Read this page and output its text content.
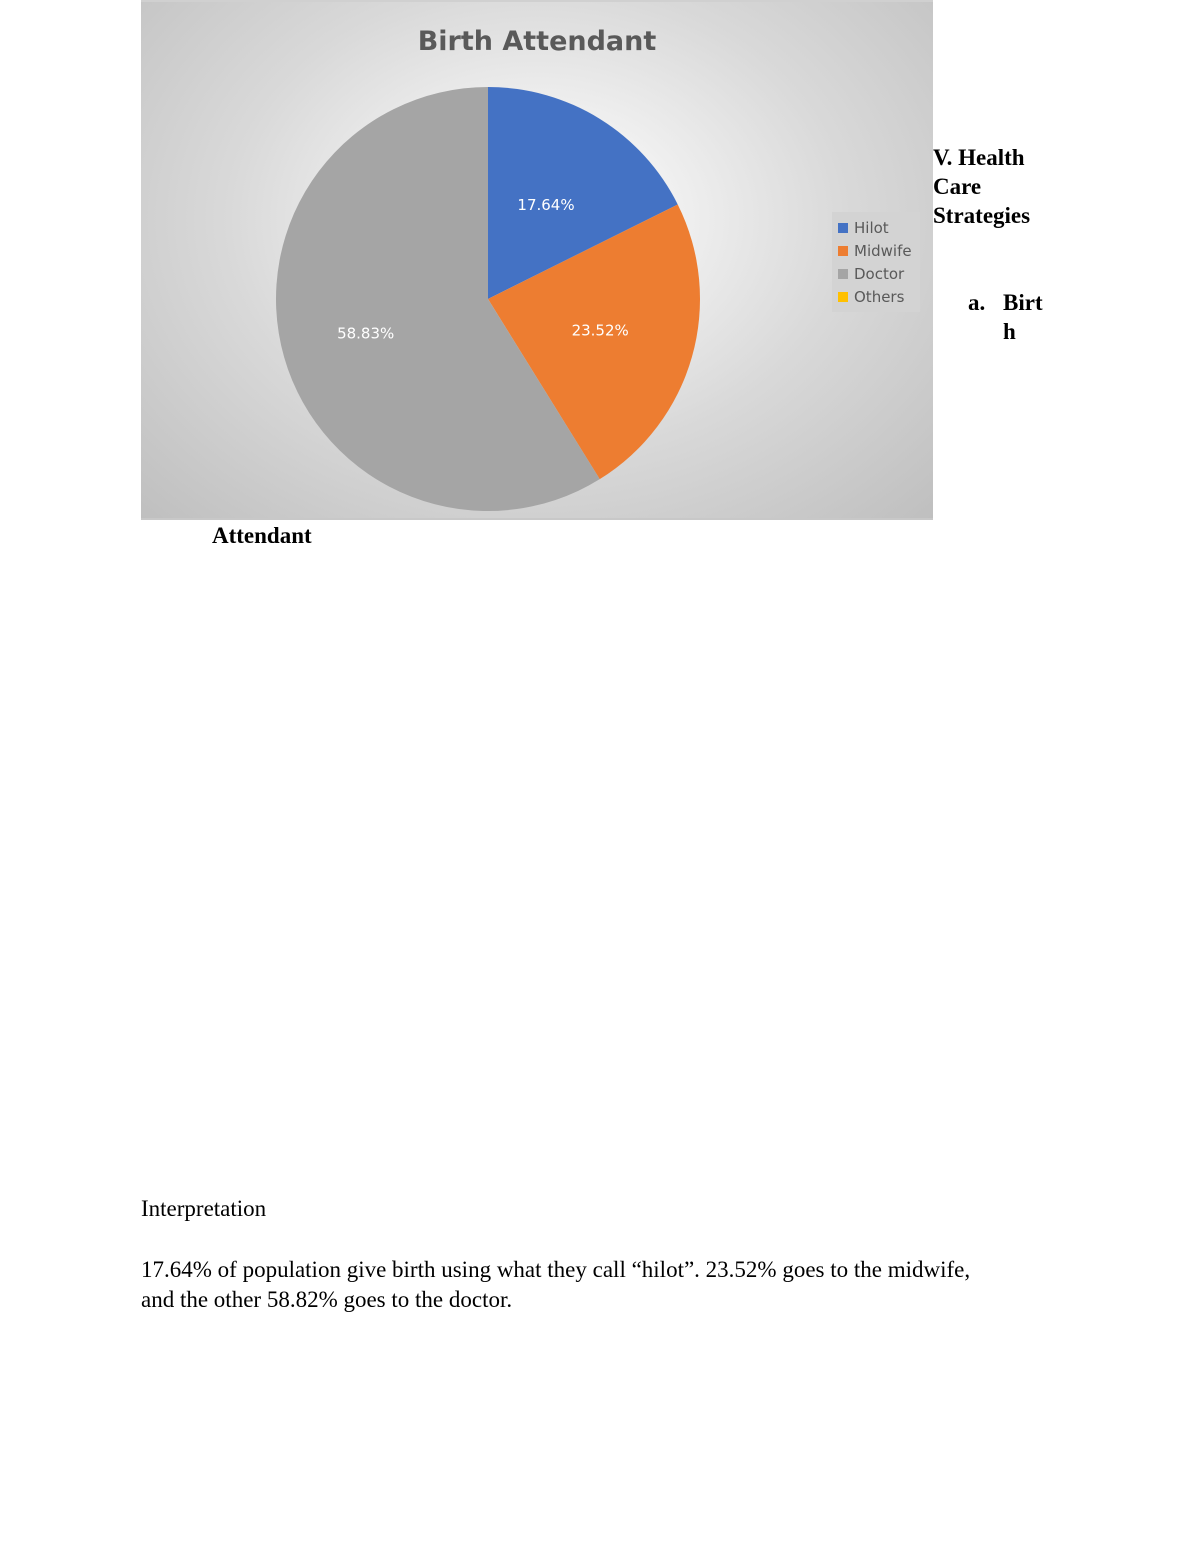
Birth Attendant
17.64%
23.52%
58.83%
Hilot
Midwife
Doctor
Others
V. Health Care Strategies
a. Birth
Attendant
Interpretation
17.64% of population give birth using what they call “hilot”. 23.52% goes to the midwife, and the other 58.82% goes to the doctor.
